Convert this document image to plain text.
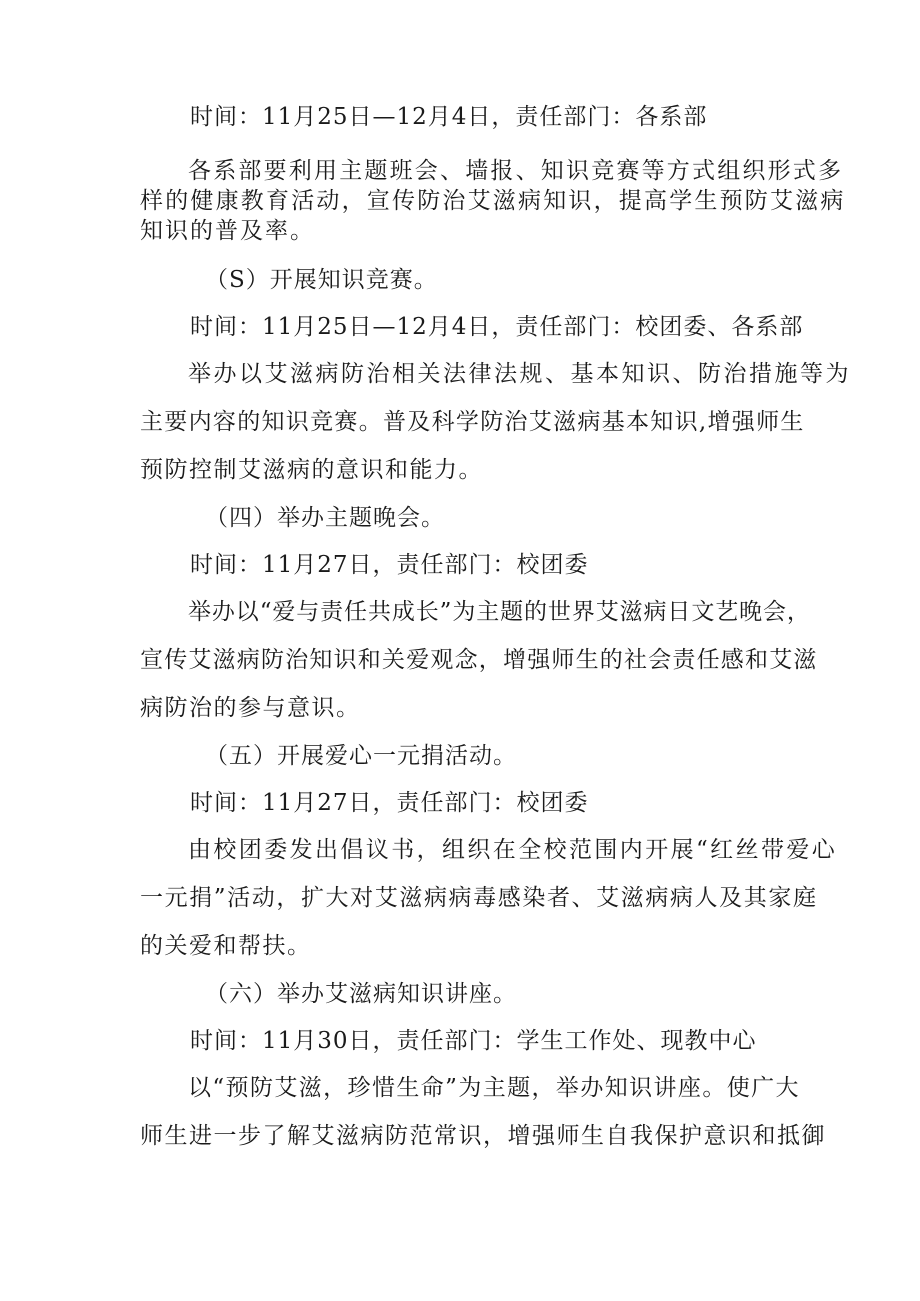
时间：11月25日—12月4日，责任部门：各系部
各系部要利用主题班会、墙报、知识竞赛等方式组织形式多
样的健康教育活动，宣传防治艾滋病知识，提高学生预防艾滋病
知识的普及率。
（S）开展知识竞赛。
时间：11月25日—12月4日，责任部门：校团委、各系部
举办以艾滋病防治相关法律法规、基本知识、防治措施等为
主要内容的知识竞赛。普及科学防治艾滋病基本知识,增强师生
预防控制艾滋病的意识和能力。
（四）举办主题晚会。
时间：11月27日，责任部门：校团委
举办以“爱与责任共成长”为主题的世界艾滋病日文艺晚会，
宣传艾滋病防治知识和关爱观念，增强师生的社会责任感和艾滋
病防治的参与意识。
（五）开展爱心一元捐活动。
时间：11月27日，责任部门：校团委
由校团委发出倡议书，组织在全校范围内开展“红丝带爱心
一元捐”活动，扩大对艾滋病病毒感染者、艾滋病病人及其家庭
的关爱和帮扶。
（六）举办艾滋病知识讲座。
时间：11月30日，责任部门：学生工作处、现教中心
以“预防艾滋，珍惜生命”为主题，举办知识讲座。使广大
师生进一步了解艾滋病防范常识，增强师生自我保护意识和抵御
